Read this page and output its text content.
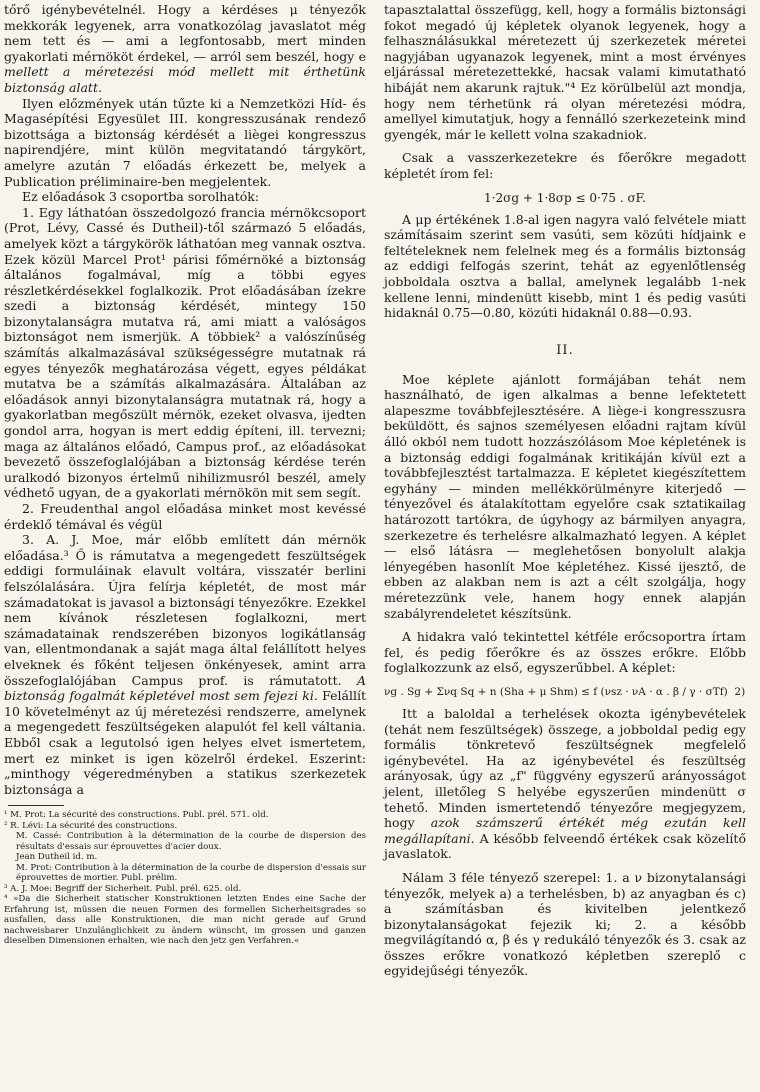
tőrő igénybevételnél. Hogy a kérdéses μ tényezők mekkorák legyenek, arra vonatkozólag javaslatot még nem tett és — ami a legfontosabb, mert minden gyakorlati mérnököt érdekel, — arról sem beszél, hogy e mellett a méretezési mód mellett mit érthetünk biztonság alatt.

Ilyen előzmények után tűzte ki a Nemzetközi Híd- és Magasépítési Egyesület III. kongresszusának rendező bizottsága a biztonság kérdését a liègei kongresszus napirendjére, mint külön megvitatandó tárgykört, amelyre azután 7 előadás érkezett be, melyek a Publication préliminaire-ben megjelentek.

Ez előadások 3 csoportba sorolhatók:

1. Egy láthatóan összedolgozó francia mérnökcsoport (Prot, Lévy, Cassé és Dutheil)-től származó 5 előadás, amelyek közt a tárgykörök láthatóan meg vannak osztva. Ezek közül Marcel Prot¹ párisi főmérnöké a biztonság általános fogalmával, míg a többi egyes részletkérdésekkel foglalkozik. Prot előadásában ízekre szedi a biztonság kérdését, mintegy 150 bizonytalanságra mutatva rá, ami miatt a valóságos biztonságot nem ismerjük. A többiek² a valószínűség számítás alkalmazásával szükségességre mutatnak rá egyes tényezők meghatározása végett, egyes példákat mutatva be a számítás alkalmazására. Általában az előadások annyi bizonytalanságra mutatnak rá, hogy a gyakorlatban megőszült mérnök, ezeket olvasva, ijedten gondol arra, hogyan is mert eddig építeni, ill. tervezni; maga az általános előadó, Campus prof., az előadásokat bevezető összefoglalójában a biztonság kérdése terén uralkodó bizonyos értelmű nihilizmusról beszél, amely védhető ugyan, de a gyakorlati mérnökön mit sem segít.

2. Freudenthal angol előadása minket most kevéssé érdeklő témával és végül

3. A. J. Moe, már előbb említett dán mérnök előadása.³ Ő is rámutatva a megengedett feszültségek eddigi formuláinak elavult voltára, visszatér berlini felszólalására. Újra felírja képletét, de most már számadatokat is javasol a biztonsági tényezőkre. Ezekkel nem kívánok részletesen foglalkozni, mert számadatainak rendszerében bizonyos logikátlanság van, ellentmondanak a saját maga által felállított helyes elveknek és főként teljesen önkényesek, amint arra összefoglalójában Campus prof. is rámutatott. A biztonság fogalmát képletével most sem fejezi ki. Felállít 10 követelményt az új méretezési rendszerre, amelynek a megengedett feszültségeken alapulót fel kell váltania. Ebből csak a legutolsó igen helyes elvet ismertetem, mert ez minket is igen közelről érdekel. Eszerint: „minthogy végeredményben a statikus szerkezetek biztonsága a

¹ M. Prot: La sécurité des constructions. Publ. prél. 571. old.

² R. Lévi: La sécurité des constructions.

M. Cassé: Contribution à la détermination de la courbe de dispersion des résultats d'essais sur éprouvettes d'acier doux.

Jean Dutheil id. m.

M. Prot: Contribution à la détermination de la courbe de dispersion d'essais sur éprouvettes de mortier. Publ. prélim.

³ A. J. Moe: Begriff der Sicherheit. Publ. prél. 625. old.

⁴ »Da die Sicherheit statischer Konstruktionen letzten Endes eine Sache der Erfahrung ist, müssen die neuen Formen des formellen Sicherheitsgrades so ausfallen, dass alle Konstruktionen, die man nicht gerade auf Grund nachweisbarer Unzulänglichkeit zu ändern wünscht, im grossen und ganzen dieselben Dimensionen erhalten, wie nach den jetz gen Verfahren.«

tapasztalattal összefügg, kell, hogy a formális biztonsági fokot megadó új képletek olyanok legyenek, hogy a felhasználásukkal méretezett új szerkezetek méretei nagyjában ugyanazok legyenek, mint a most érvényes eljárással méretezettekké, hacsak valami kimutatható hibáját nem akarunk rajtuk."⁴ Ez körülbelül azt mondja, hogy nem térhetünk rá olyan méretezési módra, amellyel kimutatjuk, hogy a fennálló szerkezeteink mind gyengék, már le kellett volna szakadniok.

Csak a vasszerkezetekre és főerőkre megadott képletét írom fel:

1·2σg + 1·8σp ≤ 0·75 . σF.

A μp értékének 1.8-al igen nagyra való felvétele miatt számításaim szerint sem vasúti, sem közúti hídjaink e feltételeknek nem felelnek meg és a formális biztonság az eddigi felfogás szerint, tehát az egyenlőtlenség jobboldala osztva a ballal, amelynek legalább 1-nek kellene lenni, mindenütt kisebb, mint 1 és pedig vasúti hidaknál 0.75—0.80, közúti hidaknál 0.88—0.93.

II.

Moe képlete ajánlott formájában tehát nem használható, de igen alkalmas a benne lefektetett alapeszme továbbfejlesztésére. A liège-i kongresszusra beküldött, és sajnos személyesen előadni rajtam kívül álló okból nem tudott hozzászólásom Moe képletének is a biztonság eddigi fogalmának kritikáján kívül ezt a továbbfejlesztést tartalmazza. E képletet kiegészítettem egyhány — minden mellékkörülményre kiterjedő — tényezővel és átalakítottam egyelőre csak sztatikailag határozott tartókra, de úgyhogy az bármilyen anyagra, szerkezetre és terhelésre alkalmazható legyen. A képlet — első látásra — meglehetősen bonyolult alakja lényegében hasonlít Moe képletéhez. Kissé ijesztő, de ebben az alakban nem is azt a célt szolgálja, hogy méretezzünk vele, hanem hogy ennek alapján szabályrendeletet készítsünk.

A hidakra való tekintettel kétféle erőcsoportra írtam fel, és pedig főerőkre és az összes erőkre. Előbb foglalkozzunk az első, egyszerűbbel. A képlet:

νg . Sg + Σνq Sq + n (Sha + μ Shm) ≤ f (νsz · νA · α . β / γ · σTf) 2)

Itt a baloldal a terhelések okozta igénybevételek (tehát nem feszültségek) összege, a jobboldal pedig egy formális tönkretevő feszültségnek megfelelő igénybevétel. Ha az igénybevétel és feszültség arányosak, úgy az „f" függvény egyszerű arányosságot jelent, illetőleg S helyébe egyszerűen mindenütt σ tehető. Minden ismertetendő tényezőre megjegyzem, hogy azok számszerű értékét még ezután kell megállapítani. A később felveendő értékek csak közelítő javaslatok.

Nálam 3 féle tényező szerepel: 1. a ν bizonytalansági tényezők, melyek a) a terhelésben, b) az anyagban és c) a számításban és kivitelben jelentkező bizonytalanságokat fejezik ki; 2. a később megvilágítandó α, β és γ redukáló tényezők és 3. csak az összes erőkre vonatkozó képletben szereplő c egyidejűségi tényezők.
